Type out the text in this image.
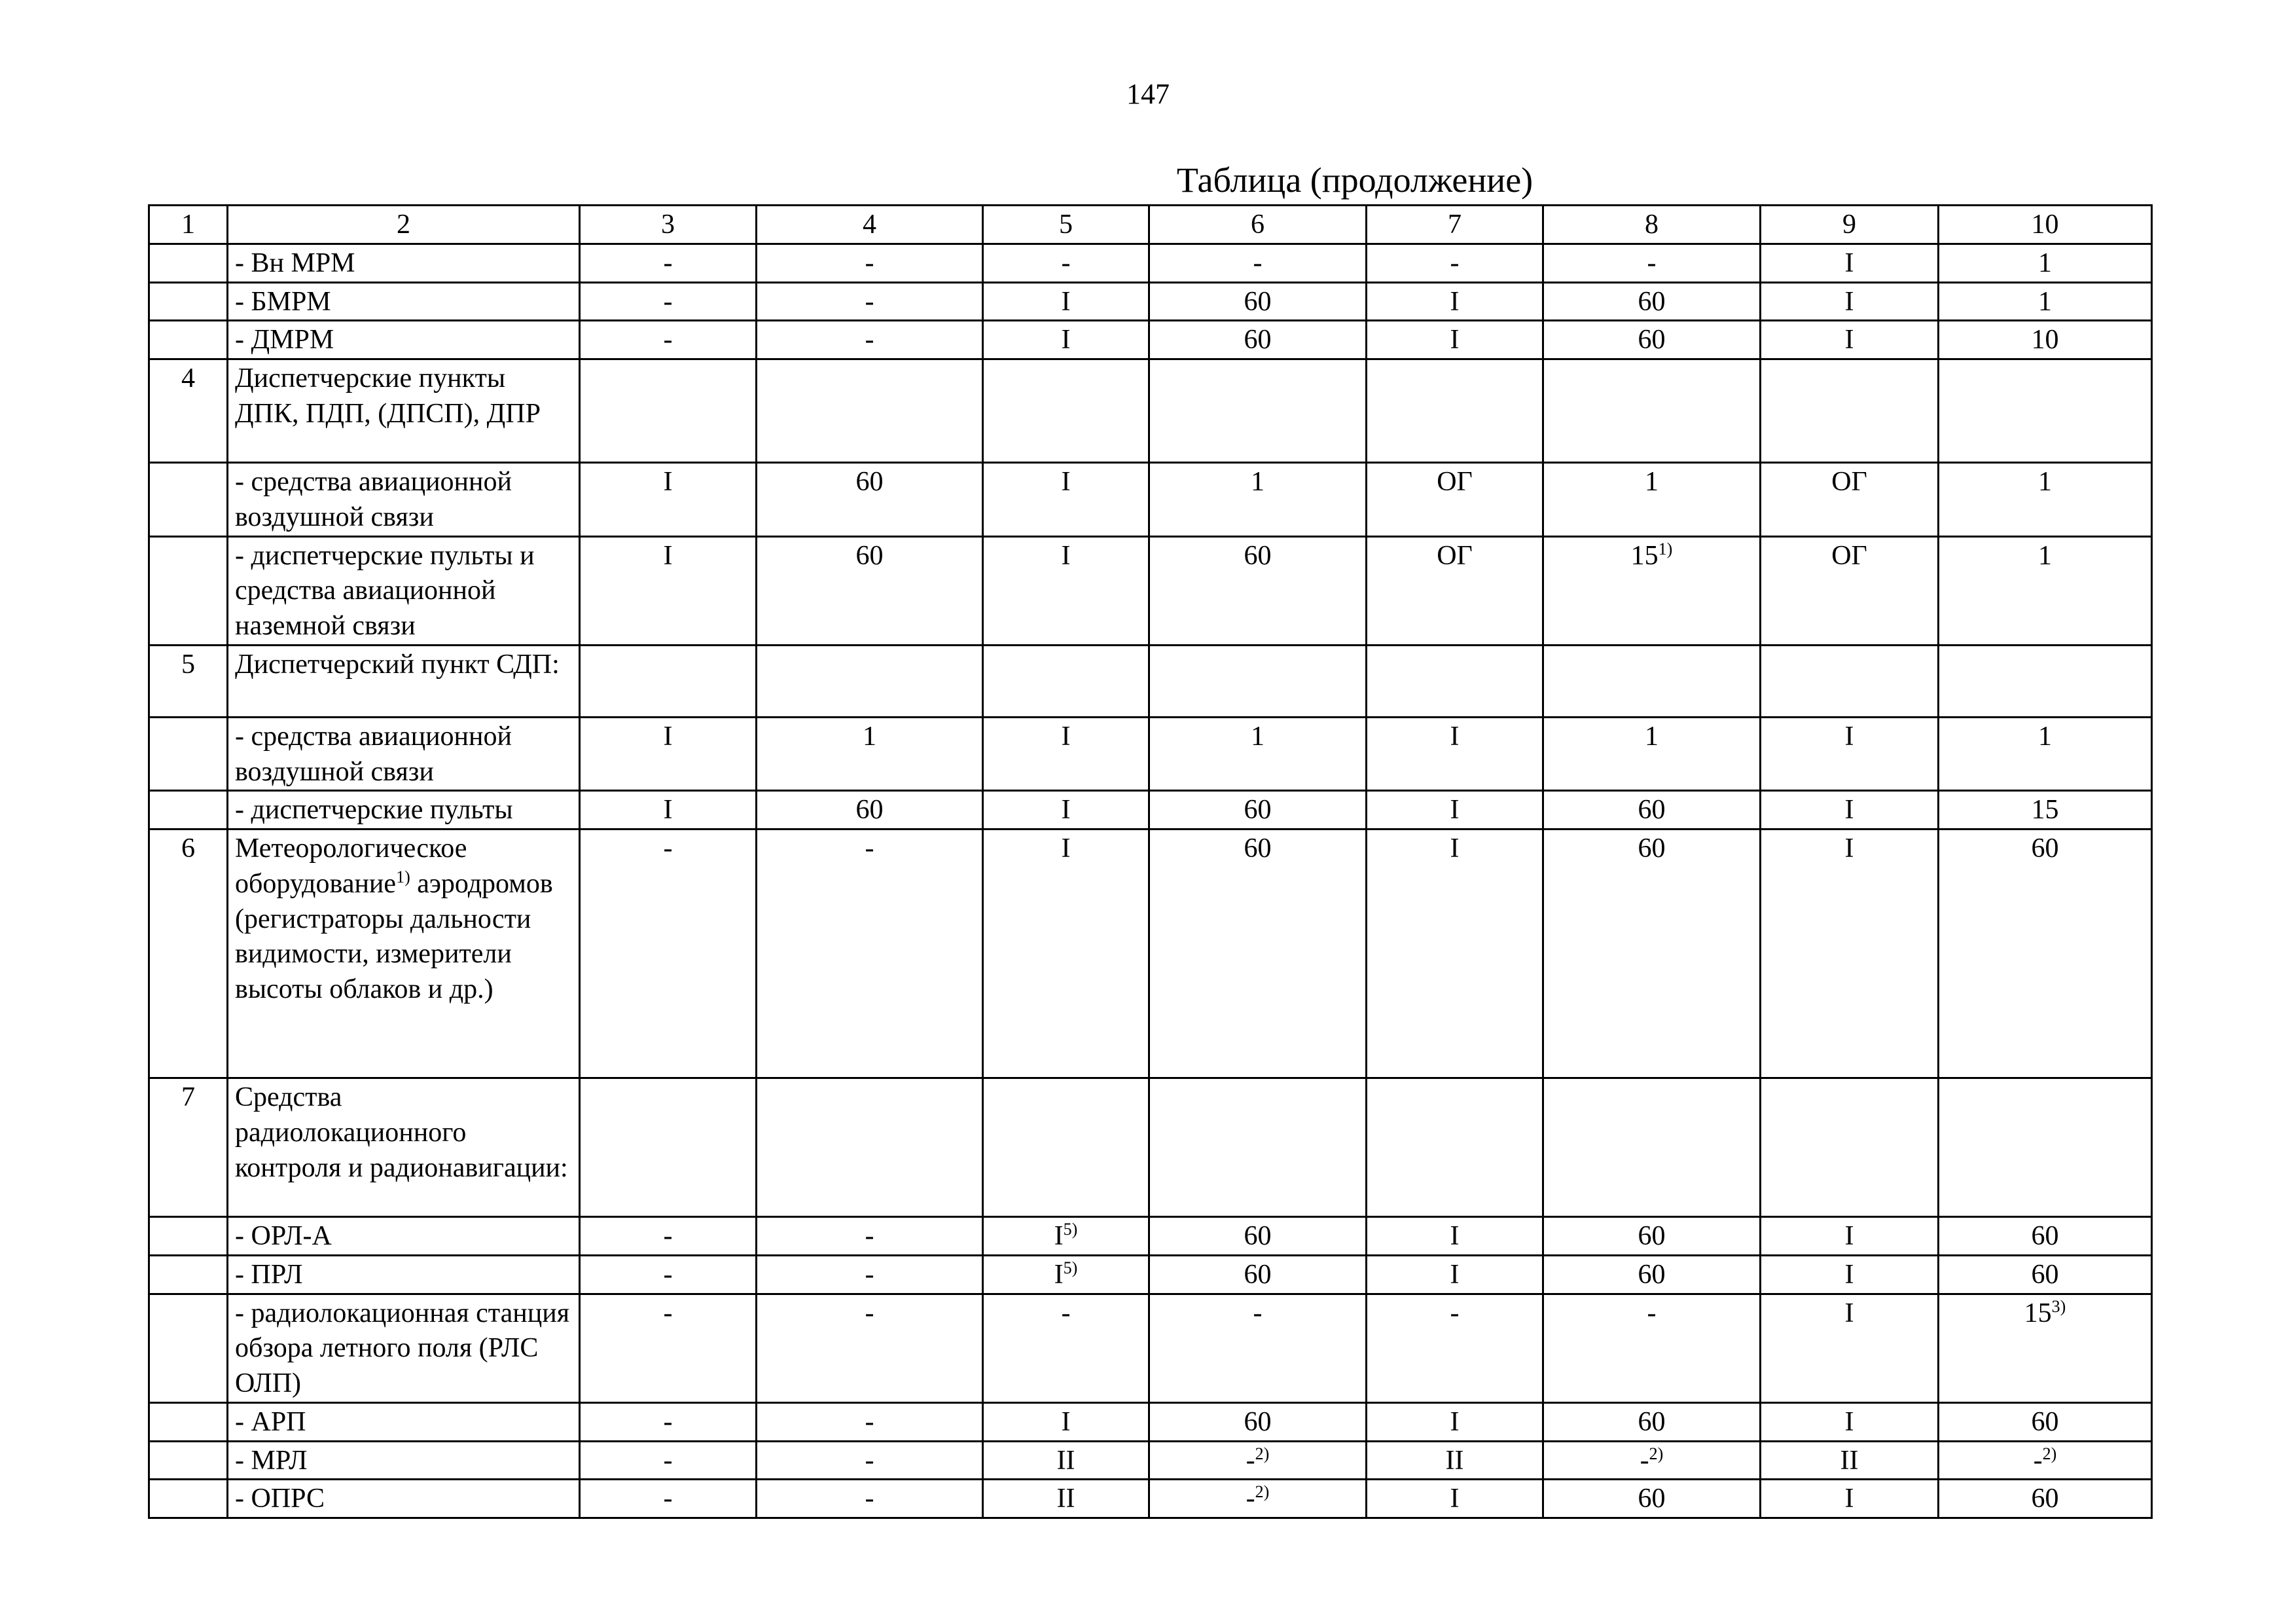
147
Таблица (продолжение)
1	2	3	4	5	6	7	8	9	10
	- Вн МРМ	-	-	-	-	-	-	I	1
	- БМРМ	-	-	I	60	I	60	I	1
	- ДМРМ	-	-	I	60	I	60	I	10
4	Диспетчерские пункты ДПК, ПДП, (ДПСП), ДПР								
	- средства авиационной воздушной связи	I	60	I	1	ОГ	1	ОГ	1
	- диспетчерские пульты и средства авиационной наземной связи	I	60	I	60	ОГ	15$^{1)}$	ОГ	1
5	Диспетчерский пункт СДП:								
	- средства авиационной воздушной связи	I	1	I	1	I	1	I	1
	- диспетчерские пульты	I	60	I	60	I	60	I	15
6	Метеорологическое оборудование$^{1)}$ аэродромов (регистраторы дальности видимости, измерители высоты облаков и др.)	-	-	I	60	I	60	I	60
7	Средства радиолокационного контроля и радионавигации:								
	- ОРЛ-А	-	-	$I^{5)}$	60	I	60	I	60
	- ПРЛ	-	-	$I^{5)}$	60	I	60	I	60
	- радиолокационная станция обзора летного поля (РЛС ОЛП)	-	-	-	-	-	-	I	15$^{3)}$
	- АРП	-	-	I	60	I	60	I	60
	- МРЛ	-	-	II	-$^{2)}$	II	-$^{2)}$	II	-$^{2)}$
	- ОПРС	-	-	II	-$^{2)}$	I	60	I	60
